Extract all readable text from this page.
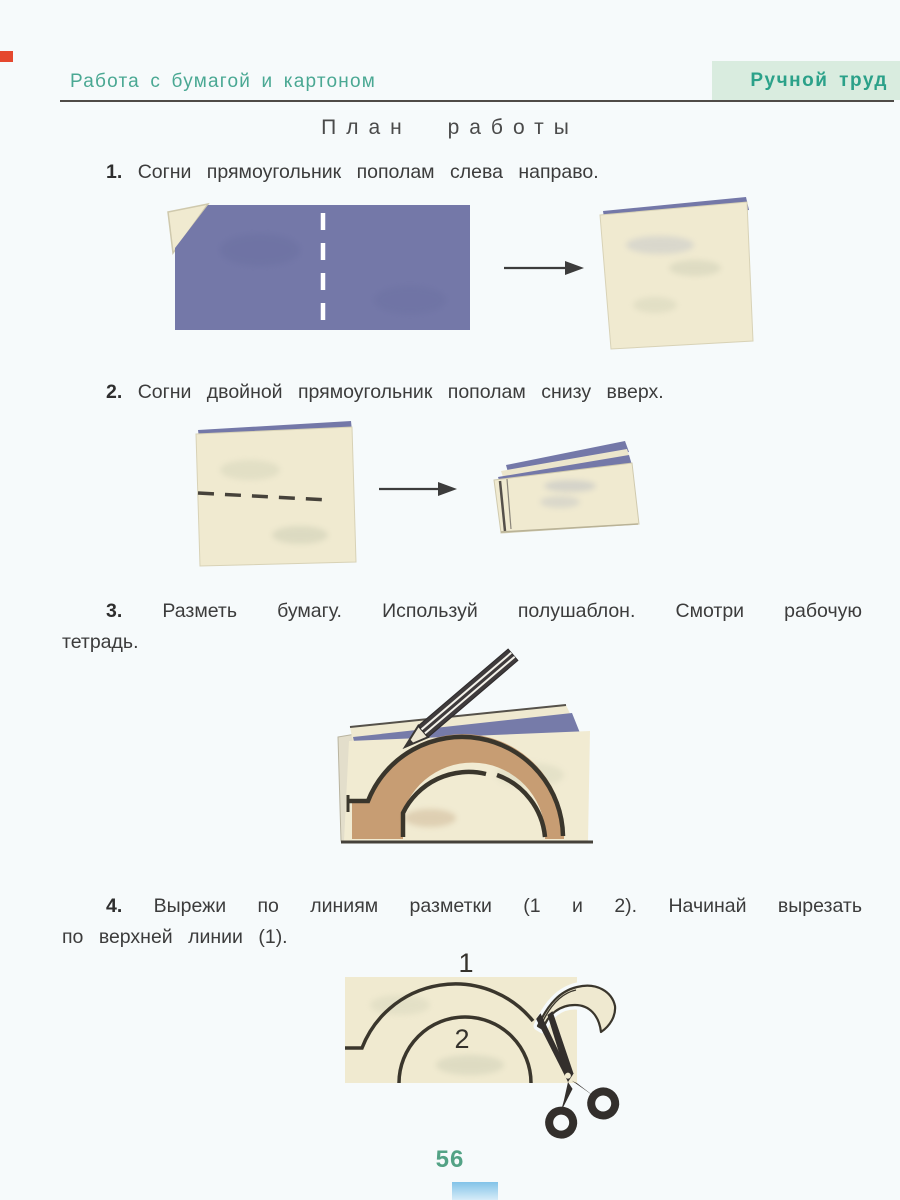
Работа с бумагой и картоном	Ручной труд
План работы
1. Согни прямоугольник пополам слева направо.
2. Согни двойной прямоугольник пополам снизу вверх.
3. Разметь бумагу. Используй полушаблон. Смотри рабочую
тетрадь.
4. Вырежи по линиям разметки (1 и 2). Начинай вырезать
по верхней линии (1).
1
2
56
